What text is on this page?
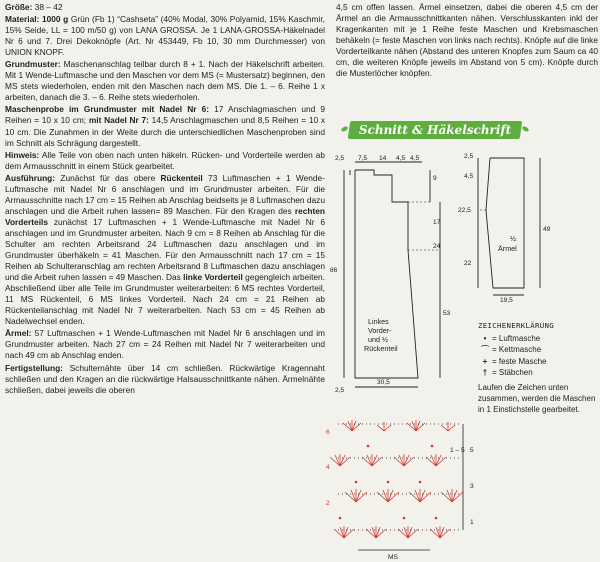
Größe: 38 – 42

Material: 1000 g Grün (Fb 1) “Cashseta” (40% Modal, 30% Polyamid, 15% Kaschmir, 15% Seide, LL = 100 m/50 g) von LANA GROSSA. Je 1 LANA-GROSSA-Häkelnadel Nr 6 und 7. Drei Dekoknöpfe (Art. Nr 453449, Fb 10, 30 mm Durchmesser) von UNION KNOPF.

Grundmuster: Maschenanschlag teilbar durch 8 + 1. Nach der Häkelschrift arbeiten. Mit 1 Wende-Luftmasche und den Maschen vor dem MS (= Mustersatz) beginnen, den MS stets wiederholen, enden mit den Maschen nach dem MS. Die 1. – 6. Reihe 1 x arbeiten, danach die 3. – 6. Reihe stets wiederholen.

Maschenprobe im Grundmuster mit Nadel Nr 6: 17 Anschlagmaschen und 9 Reihen = 10 x 10 cm; mit Nadel Nr 7: 14,5 Anschlagmaschen und 8,5 Reihen = 10 x 10 cm. Die Zunahmen in der Weite durch die unterschiedlichen Maschenproben sind im Schnitt als Schrägung dargestellt.

Hinweis: Alle Teile von oben nach unten häkeln. Rücken- und Vorderteile werden ab dem Armausschnitt in einem Stück gearbeitet.

Ausführung: Zunächst für das obere Rückenteil 73 Luftmaschen + 1 Wende-Luftmasche mit Nadel Nr 6 anschlagen und im Grundmuster arbeiten. Für die Armausschnitte nach 17 cm = 15 Reihen ab Anschlag beidseits je 8 Luftmaschen dazu anschlagen und die Arbeit ruhen lassen= 89 Maschen. Für den Kragen des rechten Vorderteils zunächst 17 Luftmaschen + 1 Wende-Luftmasche mit Nadel Nr 6 anschlagen und im Grundmuster arbeiten. Nach 9 cm = 8 Reihen ab Anschlag für die Schulter am rechten Arbeitsrand 24 Luftmaschen dazu anschlagen und im Grundmuster überhäkeln = 41 Maschen. Für den Armausschnitt nach 17 cm = 15 Reihen ab Schulteranschlag am rechten Arbeitsrand 8 Luftmaschen dazu anschlagen und die Arbeit ruhen lassen = 49 Maschen. Das linke Vorderteil gegengleich arbeiten. Abschließend über alle Teile im Grundmuster weiterarbeiten: 6 MS rechtes Vorderteil, 11 MS Rückenteil, 6 MS linkes Vorderteil. Nach 24 cm = 21 Reihen ab Rückenteilanschlag mit Nadel Nr 7 weiterarbeiten. Nach 53 cm = 45 Reihen ab Nadelwechsel enden.

Ärmel: 57 Luftmaschen + 1 Wende-Luftmaschen mit Nadel Nr 6 anschlagen und im Grundmuster arbeiten. Nach 27 cm = 24 Reihen mit Nadel Nr 7 weiterarbeiten und nach 49 cm ab Anschlag enden.

Fertigstellung: Schulternähte über 14 cm schließen. Rückwärtige Kragennaht schließen und den Kragen an die rückwärtige Halsausschnittkante nähen. Ärmelnähte schließen, dabei jeweils die oberen

4,5 cm offen lassen. Ärmel einsetzen, dabei die oberen 4,5 cm der Ärmel an die Armausschnittkanten nähen. Verschlusskanten inkl der Kragenkanten mit je 1 Reihe feste Maschen und Krebsmaschen behäkeln (= feste Maschen von links nach rechts). Knöpfe auf die linke Vorderteilkante nähen (Abstand des unteren Knopfes zum Saum ca 40 cm, die weiteren Knöpfe jeweils im Abstand von 5 cm). Knöpfe durch die Musterlöcher knöpfen.

Schnitt & Häkelschrift
2,5 7,5 14 4,5 4,5
9
17
24
86
53
30,5
2,5
Linkes
Vorder-
und ½
Rückenteil
2,5
4,5
22,5
22
49
19,5
½
Ärmel
ZEICHENERKLÄRUNG
• = Luftmasche
⌒ = Kettmasche
+ = feste Masche
† = Stäbchen
Laufen die Zeichen unten zusammen, werden die Maschen in 1 Einstichstelle gearbeitet.
6
4
2
5
3
1
1 – 5
MS
